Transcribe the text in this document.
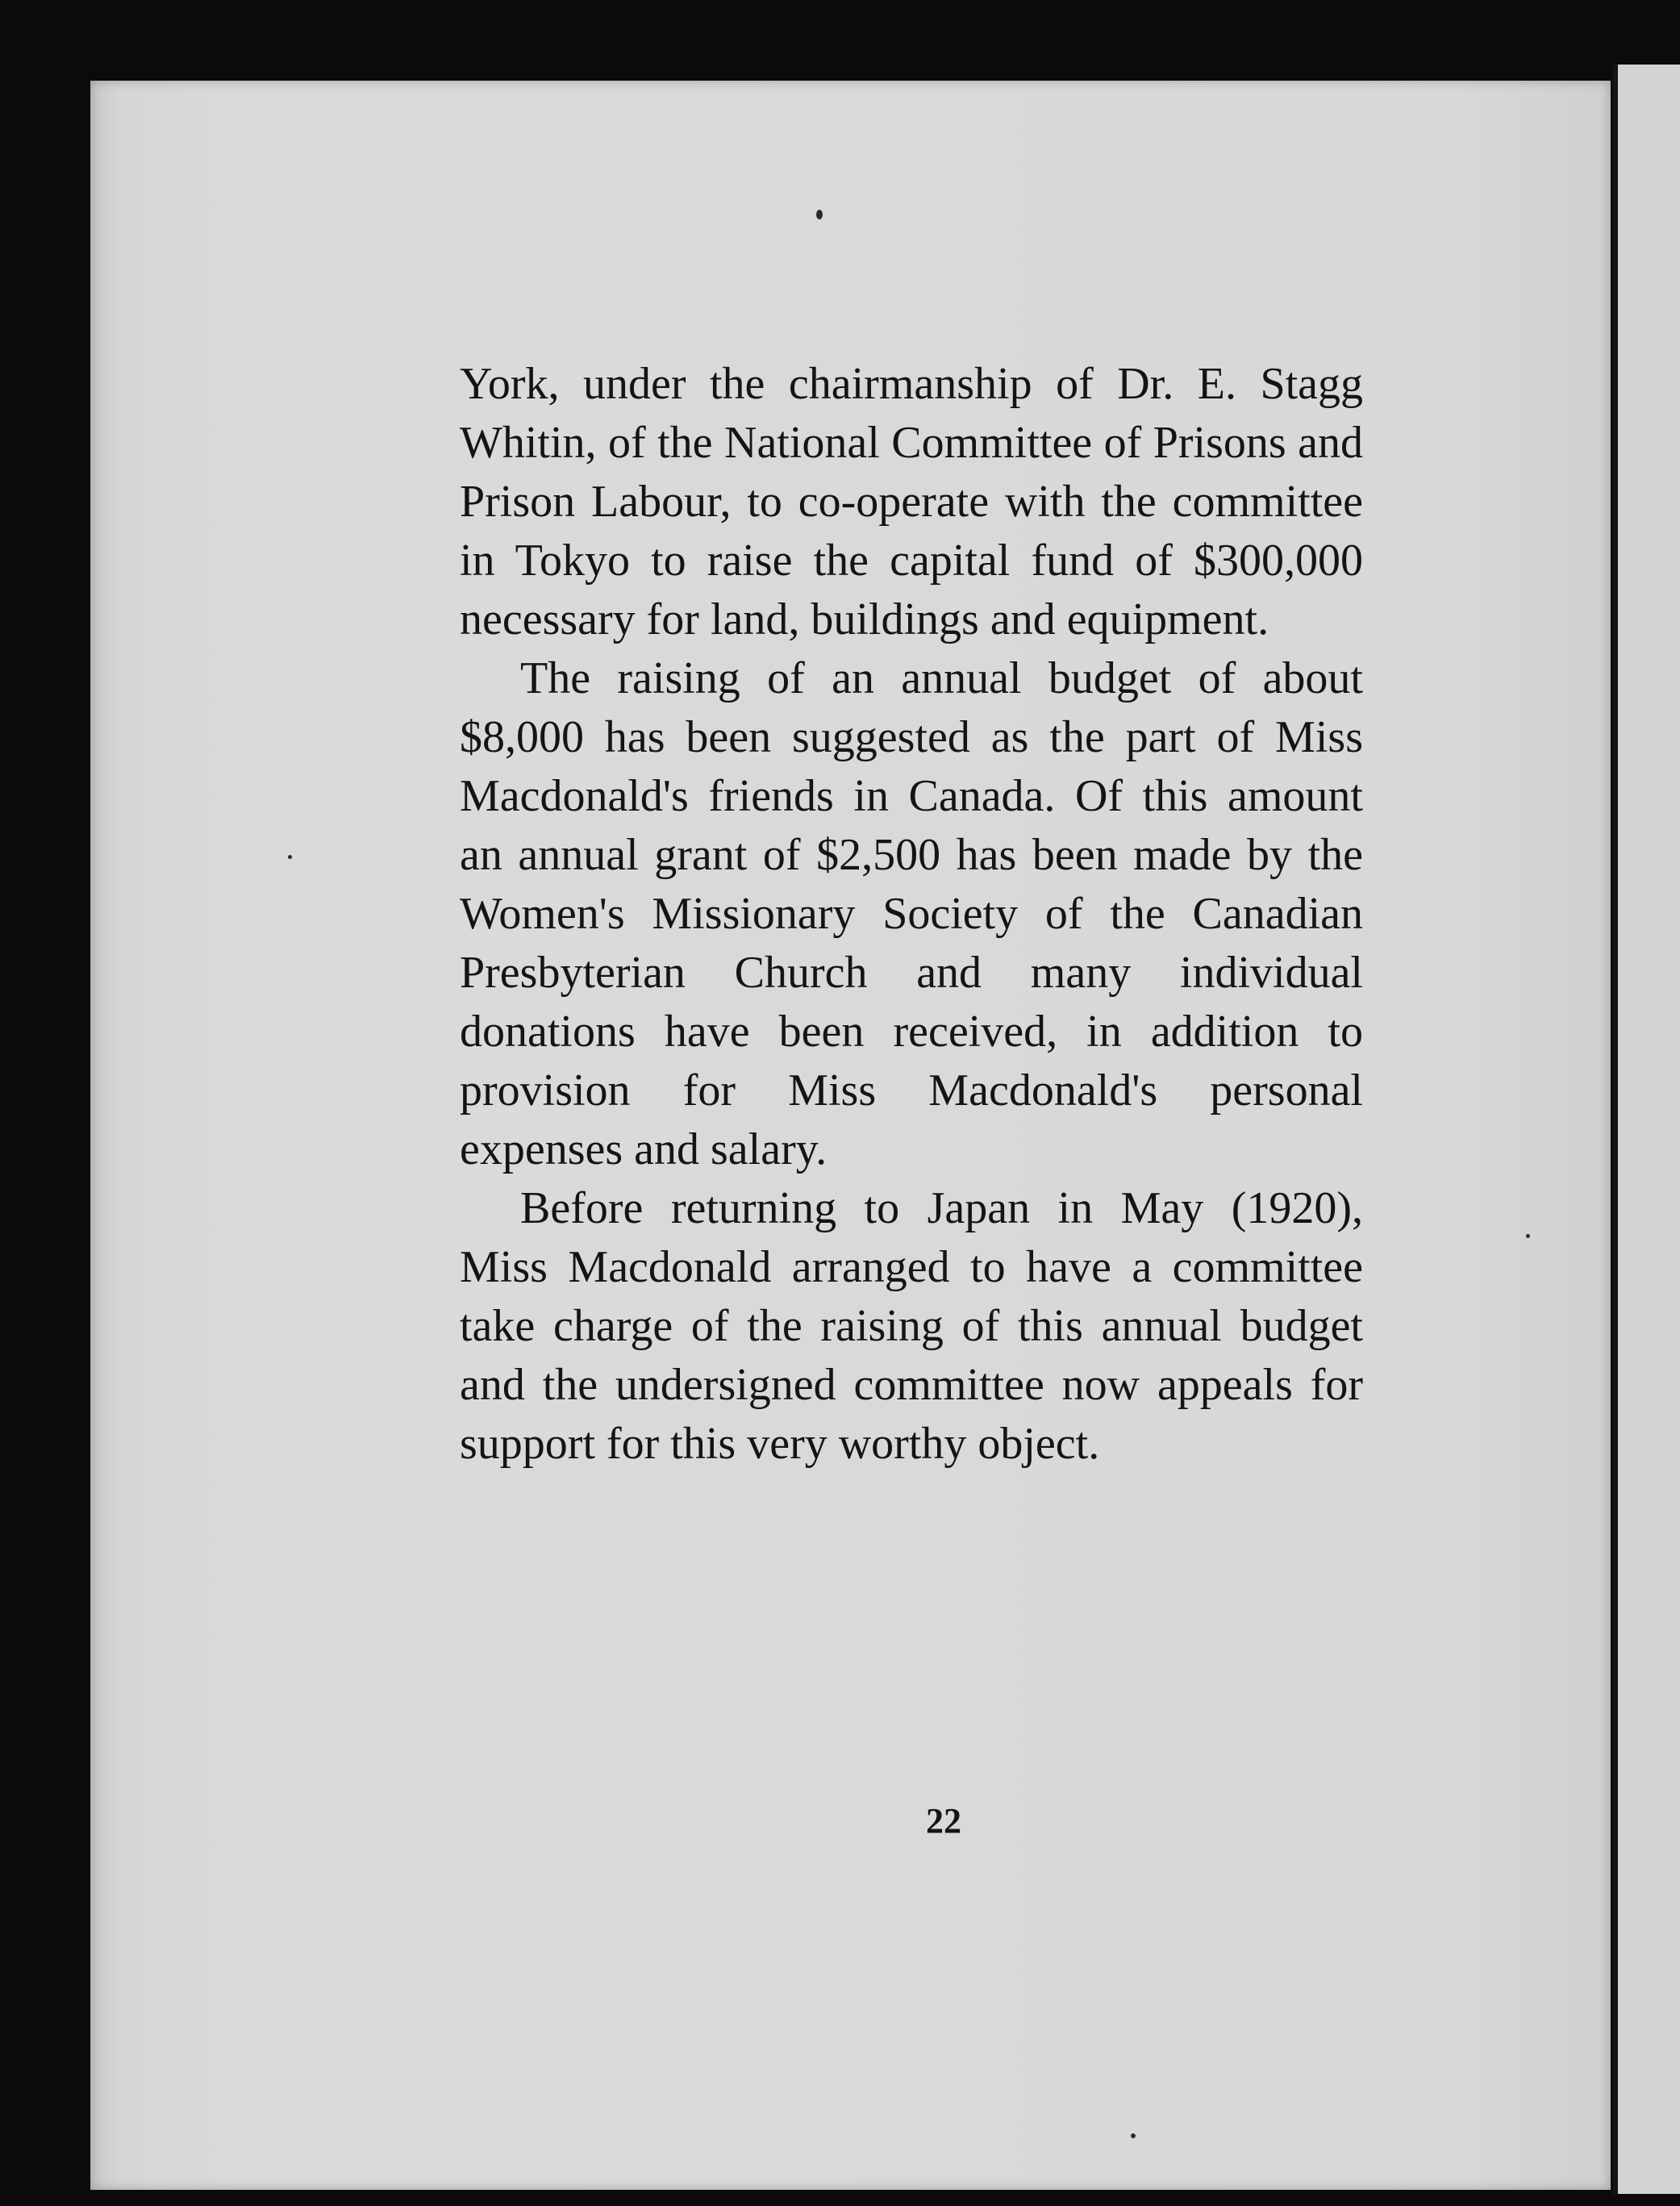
York, under the chairmanship of Dr. E. Stagg Whitin, of the National Committee of Prisons and Prison Labour, to co-operate with the committee in Tokyo to raise the capital fund of $300,000 necessary for land, buildings and equipment.

The raising of an annual budget of about $8,000 has been suggested as the part of Miss Macdonald's friends in Canada. Of this amount an annual grant of $2,500 has been made by the Women's Missionary Society of the Canadian Presbyterian Church and many individual donations have been received, in addition to provision for Miss Macdonald's personal expenses and salary.

Before returning to Japan in May (1920), Miss Macdonald arranged to have a committee take charge of the raising of this annual budget and the undersigned committee now appeals for support for this very worthy object.

22
